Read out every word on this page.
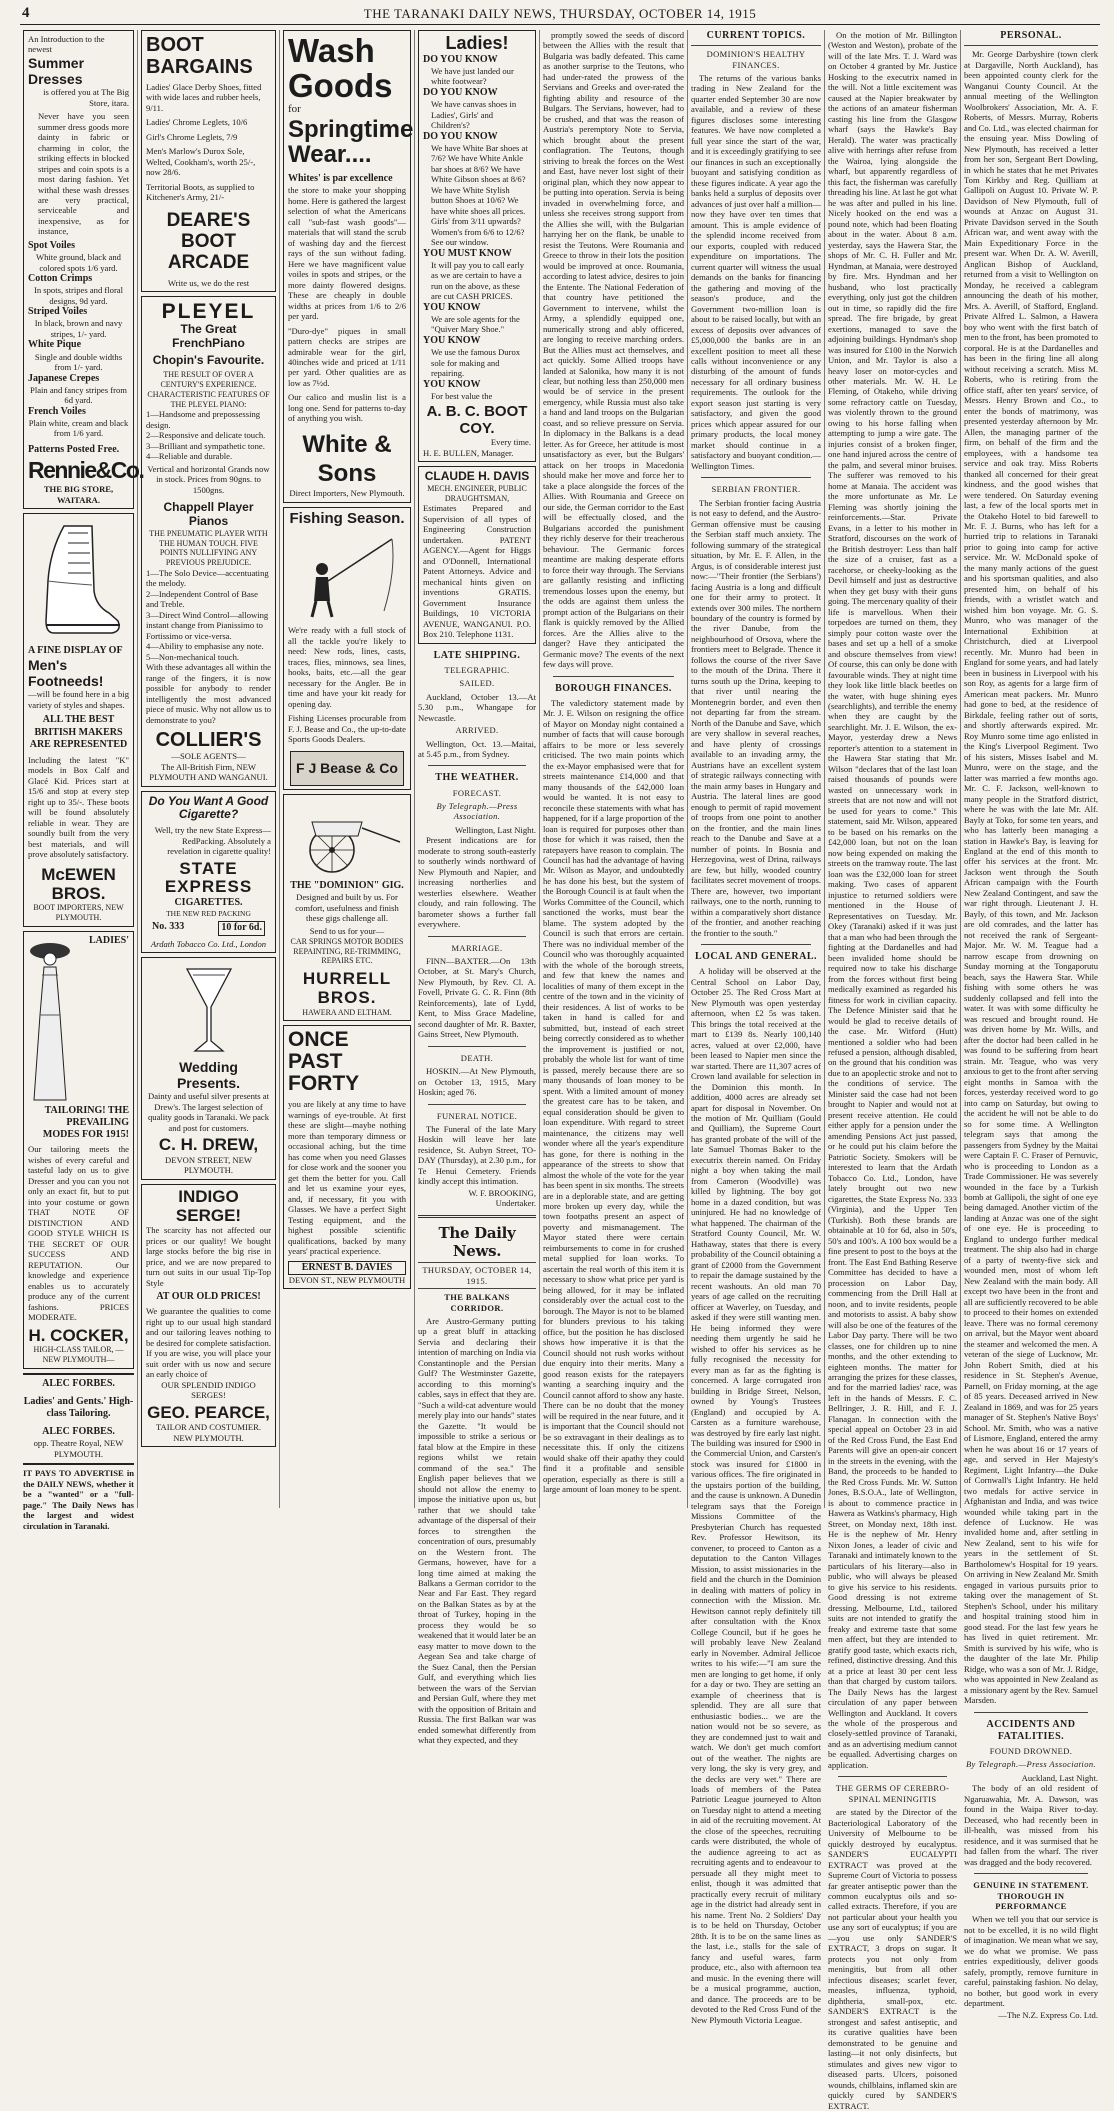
4	THE TARANAKI DAILY NEWS, THURSDAY, OCTOBER 14, 1915
An Introduction to the newest
Summer Dresses
is offered you at The Big Store, itara.
Never have you seen summer dress goods more dainty in fabric or charming in color, the striking effects in blocked stripes and coin spots is a most daring fashion. Yet withal these wash dresses are very practical, serviceable and inexpensive, as for instance,
Spot Voiles
White ground, black and colored spots 1/6 yard.
Cotton Crimps
In spots, stripes and floral designs, 9d yard.
Striped Voiles
In black, brown and navy stripes, 1/- yard.
White Pique
Single and double widths from 1/- yard.
Japanese Crepes
Plain and fancy stripes from 6d yard.
French Voiles
Plain white, cream and black from 1/6 yard.
Patterns Posted Free.
Rennie&Co.
THE BIG STORE,
WAITARA.
A FINE DISPLAY OF
Men's Footneeds!
—will be found here in a big variety of styles and shapes.
ALL THE BEST BRITISH MAKERS ARE REPRESENTED
Including the latest "K" models in Box Calf and Glacé Kid. Prices start at 15/6 and stop at every step right up to 35/-. These boots will be found absolutely reliable in wear. They are soundly built from the very best materials, and will prove absolutely satisfactory.
McEWEN BROS.
BOOT IMPORTERS, NEW PLYMOUTH.
LADIES' TAILORING! THE PREVAILING MODES FOR 1915!
Our tailoring meets the wishes of every careful and tasteful lady on us to give Dresser and you can you not only an exact fit, but to put into your costume or gown THAT NOTE OF DISTINCTION AND GOOD STYLE WHICH IS THE SECRET OF OUR SUCCESS AND REPUTATION. Our knowledge and experience enables us to accurately produce any of the current fashions. PRICES MODERATE.
H. COCKER,
HIGH-CLASS TAILOR, —NEW PLYMOUTH—
ALEC FORBES.
Ladies' and Gents.' High-class Tailoring.
ALEC FORBES.
opp. Theatre Royal, NEW PLYMOUTH.
IT PAYS TO ADVERTISE in the DAILY NEWS, whether it be a "wanted" or a "full-page." The Daily News has the largest and widest circulation in Taranaki.
BOOT BARGAINS
Ladies' Glace Derby Shoes, fitted with wide laces and rubber heels, 9/11.
Ladies' Chrome Leglets, 10/6
Girl's Chrome Leglets, 7/9
Men's Marlow's Durox Sole, Welted, Cookham's, worth 25/-, now 28/6.
Territorial Boots, as supplied to Kitchener's Army, 21/-
DEARE'S BOOT ARCADE
Write us, we do the rest
PLEYEL
The Great FrenchPiano
Chopin's Favourite.
THE RESULT OF OVER A CENTURY'S EXPERIENCE. CHARACTERISTIC FEATURES OF THE PLEYEL PIANO:
1—Handsome and prepossessing design.
2—Responsive and delicate touch.
3—Brilliant and sympathetic tone.
4—Reliable and durable.
Vertical and horizontal Grands now in stock. Prices from 90gns. to 1500gns.
Chappell Player Pianos
THE PNEUMATIC PLAYER WITH THE HUMAN TOUCH. FIVE POINTS NULLIFYING ANY PREVIOUS PREJUDICE.
1—The Solo Device—accentuating the melody.
2—Independent Control of Base and Treble.
3—Direct Wind Control—allowing instant change from Pianissimo to Fortissimo or vice-versa.
4—Ability to emphasise any note.
5—Non-mechanical touch.
With these advantages all within the range of the fingers, it is now possible for anybody to render intelligently the most advanced piece of music. Why not allow us to demonstrate to you?
COLLIER'S
—SOLE AGENTS—
The All-British Firm, NEW PLYMOUTH AND WANGANUI.
Do You Want A Good Cigarette?
Well, try the new State Express—RedPacking. Absolutely a revelation in cigarette quality!
STATE EXPRESS
CIGARETTES.
THE NEW RED PACKING
No. 333	10 for 6d.
Ardath Tobacco Co. Ltd., London
Wedding Presents.
Dainty and useful silver presents at Drew's. The largest selection of quality goods in Taranaki. We pack and post for customers.
C. H. DREW,
DEVON STREET, NEW PLYMOUTH.
INDIGO SERGE!
The scarcity has not affected our prices or our quality! We bought large stocks before the big rise in price, and we are now prepared to turn out suits in our usual Tip-Top Style
AT OUR OLD PRICES!
We guarantee the qualities to come right up to our usual high standard and our tailoring leaves nothing to be desired for complete satisfaction. If you are wise, you will place your suit order with us now and secure an early choice of
OUR SPLENDID INDIGO SERGES!
GEO. PEARCE,
TAILOR AND COSTUMIER. NEW PLYMOUTH.
Wash
Goods
for
Springtime
Wear....
Whites' is par excellence
the store to make your shopping home. Here is gathered the largest selection of what the Americans call "sub-fast wash goods"—materials that will stand the scrub of washing day and the fiercest rays of the sun without fading. Here we have magnificent value voiles in spots and stripes, or the more dainty flowered designs. These are cheaply in double widths at prices from 1/6 to 2/6 per yard.
"Duro-dye" piques in small pattern checks are stripes are admirable wear for the girl, 40inches wide and priced at 1/11 per yard. Other qualities are as low as 7½d.
Our calico and muslin list is a long one. Send for patterns to-day of anything you wish.
White & Sons
Direct Importers, New Plymouth.
Fishing Season.
We're ready with a full stock of all the tackle you're likely to need: New rods, lines, casts, traces, flies, minnows, sea lines, hooks, baits, etc.—all the gear necessary for the Angler. Be in time and have your kit ready for opening day.
Fishing Licenses procurable from F. J. Bease and Co., the up-to-date Sports Goods Dealers.
F J Bease & Co
THE "DOMINION" GIG.
Designed and built by us. For comfort, usefulness and finish these gigs challenge all.
Send to us for your—
CAR SPRINGS MOTOR BODIES REPAINTING, RE-TRIMMING, REPAIRS ETC.
HURRELL BROS.
HAWERA AND ELTHAM.
ONCE PAST FORTY
you are likely at any time to have warnings of eye-trouble. At first these are slight—maybe nothing more than temporary dimness or occasional aching, but the time has come when you need Glasses for close work and the sooner you get them the better for you. Call and let us examine your eyes, and, if necessary, fit you with Glasses. We have a perfect Sight Testing equipment, and the highest possible scientific qualifications, backed by many years' practical experience.
ERNEST B. DAVIES
DEVON ST., NEW PLYMOUTH
Ladies!
DO YOU KNOW
We have just landed our white footwear?
DO YOU KNOW
We have canvas shoes in Ladies', Girls' and Children's?
DO YOU KNOW
We have White Bar shoes at 7/6? We have White Ankle bar shoes at 8/6? We have White Gibson shoes at 8/6? We have White Stylish button Shoes at 10/6? We have white shoes all prices. Girls' from 3/11 upwards? Women's from 6/6 to 12/6? See our window.
YOU MUST KNOW
It will pay you to call early as we are certain to have a run on the above, as these are cut CASH PRICES.
YOU KNOW
We are sole agents for the "Quiver Mary Shoe."
YOU KNOW
We use the famous Durox sole for making and repairing.
YOU KNOW
For best value the
A. B. C. BOOT COY.
Every time.
H. E. BULLEN, Manager.
CLAUDE H. DAVIS
MECH. ENGINEER, PUBLIC DRAUGHTSMAN,
Estimates Prepared and Supervision of all types of Engineering Construction undertaken. PATENT AGENCY.—Agent for Higgs and O'Donnell, International Patent Attorneys. Advice and mechanical hints given on inventions GRATIS. Government Insurance Buildings, 10 VICTORIA AVENUE, WANGANUI. P.O. Box 210. Telephone 1131.
LATE SHIPPING.
TELEGRAPHIC.
SAILED.
Auckland, October 13.—At 5.30 p.m., Whangape for Newcastle.
ARRIVED.
Wellington, Oct. 13.—Maitai, at 5.45 p.m., from Sydney.
THE WEATHER.
FORECAST.
By Telegraph.—Press Association.
Wellington, Last Night.
Present indications are for moderate to strong south-easterly to southerly winds northward of New Plymouth and Napier, and increasing northerlies and westerlies elsewhere. Weather cloudy, and rain following. The barometer shows a further fall everywhere.
MARRIAGE.
FINN—BAXTER.—On 13th October, at St. Mary's Church, New Plymouth, by Rev. Cl. A. Fovell, Private G. C. R. Finn (8th Reinforcements), late of Lydd, Kent, to Miss Grace Madeline, second daughter of Mr. R. Baxter, Gains Street, New Plymouth.
DEATH.
HOSKIN.—At New Plymouth, on October 13, 1915, Mary Hoskin; aged 76.
FUNERAL NOTICE.
The Funeral of the late Mary Hoskin will leave her late residence, St. Aubyn Street, TO-DAY (Thursday), at 2.30 p.m., for Te Henui Cemetery. Friends kindly accept this intimation.
W. F. BROOKING,
Undertaker.
The Daily News.
THURSDAY, OCTOBER 14, 1915.
THE BALKANS CORRIDOR.
Are Austro-Germany putting up a great bluff in attacking Servia and declaring their intention of marching on India via Constantinople and the Persian Gulf? The Westminster Gazette, according to this morning's cables, says in effect that they are. "Such a wild-cat adventure would merely play into our hands" states the Gazette. "It would be impossible to strike a serious or fatal blow at the Empire in these regions whilst we retain command of the sea." The English paper believes that we should not allow the enemy to impose the initiative upon us, but rather that we should take advantage of the dispersal of their forces to strengthen the concentration of ours, presumably on the Western front. The Germans, however, have for a long time aimed at making the Balkans a German corridor to the Near and Far East. They regard on the Balkan States as by at the throat of Turkey, hoping in the process they would be so weakened that it would later be an easy matter to move down to the Aegean Sea and take charge of the Suez Canal, then the Persian Gulf, and everything which lies between the wars of the Servian and Persian Gulf, where they met with the opposition of Britain and Russia. The first Balkan war was ended somewhat differently from what they expected, and they
promptly sowed the seeds of discord between the Allies with the result that Bulgaria was badly defeated. This came as another surprise to the Teutons, who had under-rated the prowess of the Servians and Greeks and over-rated the fighting ability and resource of the Bulgars. The Servians, however, had to be crushed, and that was the reason of Austria's peremptory Note to Servia, which brought about the present conflagration. The Teutons, though striving to break the forces on the West and East, have never lost sight of their original plan, which they now appear to be putting into operation. Servia is being invaded in overwhelming force, and unless she receives strong support from the Allies she will, with the Bulgarian harrying her on the flank, be unable to resist the Teutons. Were Roumania and Greece to throw in their lots the position would be improved at once. Roumania, according to latest advice, desires to join the Entente. The National Federation of that country have petitioned the Government to intervene, whilst the Army, a splendidly equipped one, numerically strong and ably officered, are longing to receive marching orders. But the Allies must act themselves, and act quickly. Some Allied troops have landed at Salonika, how many it is not clear, but nothing less than 250,000 men would be of service in the present emergency, while Russia must also take a hand and land troops on the Bulgarian coast, and so relieve pressure on Servia. In diplomacy in the Balkans is a dead letter. As for Greece, her attitude is most unsatisfactory as ever, but the Bulgars' attack on her troops in Macedonia should make her move and force her to take a place alongside the forces of the Allies. With Roumania and Greece on our side, the German corridor to the East will be effectually closed, and the Bulgarians accorded the punishment they richly deserve for their treacherous behaviour. The Germanic forces meantime are making desperate efforts to force their way through. The Servians are gallantly resisting and inflicting tremendous losses upon the enemy, but the odds are against them unless the prompt action of the Bulgarians on their flank is quickly removed by the Allied forces. Are the Allies alive to the danger? Have they anticipated the Germanic move? The events of the next few days will prove.
BOROUGH FINANCES.
The valedictory statement made by Mr. J. E. Wilson on resigning the office of Mayor on Monday night contained a number of facts that will cause borough affairs to be more or less severely criticised. The two main points which the ex-Mayor emphasised were that for streets maintenance £14,000 and that many thousands of the £42,000 loan would be wanted. It is not easy to reconcile these statements with what has happened, for if a large proportion of the loan is required for purposes other than those for which it was raised, then the ratepayers have reason to complain. The Council has had the advantage of having Mr. Wilson as Mayor, and undoubtedly he has done his best, but the system of the Borough Council is at fault when the Works Committee of the Council, which sanctioned the works, must bear the blame. The system adopted by the Council is such that errors are certain. There was no individual member of the Council who was thoroughly acquainted with the whole of the borough streets, and few that knew the names and localities of many of them except in the centre of the town and in the vicinity of their residences. A list of works to be taken in hand is called for and submitted, but, instead of each street being correctly considered as to whether the improvement is justified or not, probably the whole list for want of time is passed, merely because there are so many thousands of loan money to be spent. With a limited amount of money the greatest care has to be taken, and equal consideration should be given to loan expenditure. With regard to street maintenance, the citizens may well wonder where all the year's expenditure has gone, for there is nothing in the appearance of the streets to show that almost the whole of the vote for the year has been spent in six months. The streets are in a deplorable state, and are getting more broken up every day, while the town footpaths present an aspect of poverty and mismanagement. The Mayor stated there were certain reimbursements to come in for crushed metal supplied for loan works. To ascertain the real worth of this item it is necessary to show what price per yard is being allowed, for it may be inflated considerably over the actual cost to the borough. The Mayor is not to be blamed for blunders previous to his taking office, but the position he has disclosed shows how imperative it is that the Council should not rush works without due enquiry into their merits. Many a good reason exists for the ratepayers wanting a searching inquiry and the Council cannot afford to show any haste. There can be no doubt that the money will be required in the near future, and it is important that the Council should not be so extravagant in their dealings as to necessitate this. If only the citizens would shake off their apathy they could find it a profitable and sensible operation, especially as there is still a large amount of loan money to be spent.
CURRENT TOPICS.
DOMINION'S HEALTHY FINANCES.
The returns of the various banks trading in New Zealand for the quarter ended September 30 are now available, and a review of these figures discloses some interesting features. We have now completed a full year since the start of the war, and it is exceedingly gratifying to see our finances in such an exceptionally buoyant and satisfying condition as these figures indicate. A year ago the banks held a surplus of deposits over advances of just over half a million—now they have over ten times that amount. This is ample evidence of the splendid income received from our exports, coupled with reduced expenditure on importations. The current quarter will witness the usual demands on the banks for financing the gathering and moving of the season's produce, and the Government two-million loan is about to be raised locally, but with an excess of deposits over advances of £5,000,000 the banks are in an excellent position to meet all these calls without inconvenience or any disturbing of the amount of funds necessary for all ordinary business requirements. The outlook for the export season just starting is very satisfactory, and given the good prices which appear assured for our primary products, the local money market should continue in a satisfactory and buoyant condition.—Wellington Times.
SERBIAN FRONTIER.
The Serbian frontier facing Austria is not easy to defend, and the Austro-German offensive must be causing the Serbian staff much anxiety. The following summary of the strategical situation, by Mr. E. F. Allen, in the Argus, is of considerable interest just now:—"Their frontier (the Serbians') facing Austria is a long and difficult one for their army to protect. It extends over 300 miles. The northern boundary of the country is formed by the river Danube, from the neighbourhood of Orsova, where the frontiers meet to Belgrade. Thence it follows the course of the river Save to the mouth of the Drina. There it turns south up the Drina, keeping to that river until nearing the Montenegrin border, and even then not departing far from the stream. North of the Danube and Save, which are very shallow in several reaches, and have plenty of crossings available to an invading army, the Austrians have an excellent system of strategic railways connecting with the main army bases in Hungary and Austria. The lateral lines are good enough to permit of rapid movement of troops from one point to another on the frontier, and the main lines reach to the Danube and Save at a number of points. In Bosnia and Herzegovina, west of Drina, railways are few, but hilly, wooded country facilitates secret movement of troops. There are, however, two important railways, one to the north, running to within a comparatively short distance of the frontier, and another reaching the frontier to the south."
LOCAL AND GENERAL.
A holiday will be observed at the Central School on Labor Day, October 25. The Red Cross Mart at New Plymouth was open yesterday afternoon, when £2 5s was taken. This brings the total received at the mart to £139 8s. Nearly 100,140 acres, valued at over £2,000, have been leased to Napier men since the war started. There are 11,307 acres of Crown land available for selection in the Dominion this month. In addition, 4000 acres are already set apart for disposal in November. On the motion of Mr. Quilliam (Gould and Quilliam), the Supreme Court has granted probate of the will of the late Samuel Thomas Baker to the executrix therein named. On Friday night a boy when taking the mail from Cameron (Woodville) was killed by lightning. The boy got home in a dazed condition, but was uninjured. He had no knowledge of what happened. The chairman of the Stratford County Council, Mr. W. Hathaway, states that there is every probability of the Council obtaining a grant of £2000 from the Government to repair the damage sustained by the recent washouts. An old man 70 years of age called on the recruiting officer at Waverley, on Tuesday, and asked if they were still wanting men. He being informed they were needing them urgently he said he wished to offer his services as he fully recognised the necessity for every man as far as the fighting is concerned. A large corrugated iron building in Bridge Street, Nelson, owned by Young's Trustees (England) and occupied by A. Carsten as a furniture warehouse, was destroyed by fire early last night. The building was insured for £900 in the Commercial Union, and Carsten's stock was insured for £1800 in various offices. The fire originated in the upstairs portion of the building, and the cause is unknown. A Dunedin telegram says that the Foreign Missions Committee of the Presbyterian Church has requested Rev. Professor Hewitson, its convener, to proceed to Canton as a deputation to the Canton Villages Mission, to assist missionaries in the field and the church in the Dominion in dealing with matters of policy in connection with the Mission. Mr. Hewitson cannot reply definitely till after consultation with the Knox College Council, but if he goes he will probably leave New Zealand early in November. Admiral Jellicoe writes to his wife:—"I am sure the men are longing to get home, if only for a day or two. They are setting an example of cheeriness that is splendid. They are all sure that enthusiastic bodies... we are the nation would not be so severe, as they are condemned just to wait and watch. We don't get much comfort out of the weather. The nights are very long, the sky is very grey, and the decks are very wet." There are loads of members of the Patea Patriotic League journeyed to Alton on Tuesday night to attend a meeting in aid of the recruiting movement. At the close of the speeches, recruiting cards were distributed, the whole of the audience agreeing to act as recruiting agents and to endeavour to persuade all they might meet to enlist, though it was admitted that practically every recruit of military age in the district had already sent in his name. Trent No. 2 Soldiers' Day is to be held on Thursday, October 28th. It is to be on the same lines as the last, i.e., stalls for the sale of fancy and useful wares, farm produce, etc., also with afternoon tea and music. In the evening there will be a musical programme, auction, and dance. The proceeds are to be devoted to the Red Cross Fund of the New Plymouth Victoria League.
On the motion of Mr. Billington (Weston and Weston), probate of the will of the late Mrs. T. J. Ward was on October 4 granted by Mr. Justice Hosking to the executrix named in the will. Not a little excitement was caused at the Napier breakwater by the actions of an amateur fisherman casting his line from the Glasgow wharf (says the Hawke's Bay Herald). The water was practically alive with herrings after refuse from the Wairoa, lying alongside the wharf, but apparently regardless of this fact, the fisherman was carefully threading his line. At last he got what he was after and pulled in his line. Nicely hooked on the end was a pound note, which had been floating about in the water. About 8 a.m. yesterday, says the Hawera Star, the shops of Mr. C. H. Fuller and Mr. Hyndman, at Manaia, were destroyed by fire. Mrs. Hyndman and her husband, who lost practically everything, only just got the children out in time, so rapidly did the fire spread. The fire brigade, by great exertions, managed to save the adjoining buildings. Hyndman's shop was insured for £100 in the Norwich Union, and Mr. Taylor is also a heavy loser on motor-cycles and other materials. Mr. W. H. Le Fleming, of Otakeho, while driving some refractory cattle on Tuesday, was violently thrown to the ground owing to his horse falling when attempting to jump a wire gate. The injuries consist of a broken finger, one hand injured across the centre of the palm, and several minor bruises. The sufferer was removed to his home at Manaia. The accident was the more unfortunate as Mr. Le Fleming was shortly joining the reinforcements.—Star. Private Evans, in a letter to his mother in Stratford, discourses on the work of the British destroyer: Less than half the size of a cruiser, fast as a racehorse, or cheeky-looking as the Devil himself and just as destructive when they get busy with their guns going. The mercenary quality of their life is marvellous. When their torpedoes are turned on them, they simply pour cotton waste over the bases and set up a hell of a smoke and obscure themselves from view! Of course, this can only be done with favourable winds. They at night time they look like little black beetles on the water, with huge shining eyes (searchlights), and terrible the enemy when they are caught by the searchlight. Mr. J. E. Wilson, the ex-Mayor, yesterday drew a News reporter's attention to a statement in the Hawera Star stating that Mr. Wilson "declares that of the last loan raised thousands of pounds were wasted on unnecessary work in streets that are not now and will not be used for years to come." This statement, said Mr. Wilson, appeared to be based on his remarks on the £42,000 loan, but not on the loan now being expended on making the streets on the tramway route. The last loan was the £32,000 loan for street making. Two cases of apparent injustice to returned soldiers were mentioned in the House of Representatives on Tuesday. Mr. Okey (Taranaki) asked if it was just that a man who had been through the fighting at the Dardanelles and had been invalided home should be required now to take his discharge from the forces without first being medically examined as regarded his fitness for work in civilian capacity. The Defence Minister said that he would be glad to receive details of the case. Mr. Witford (Hutt) mentioned a soldier who had been refused a pension, although disabled, on the ground that his condition was due to an apoplectic stroke and not to the conditions of service. The Minister said the case had not been brought to Napier and would not at present receive attention. He could either apply for a pension under the amending Pensions Act just passed, or he could put his claim before the Patriotic Society. Smokers will be interested to learn that the Ardath Tobacco Co. Ltd., London, have lately brought out two new cigarettes, the State Express No. 333 (Virginia), and the Upper Ten (Turkish). Both these brands are obtainable at 10 for 6d, also in 50's, 50's and 100's. A 100 box would be a fine present to post to the boys at the front. The East End Bathing Reserve Committee has decided to have a procession on Labor Day, commencing from the Drill Hall at noon, and to invite residents, people and motorists to assist. A baby show will also be one of the features of the Labor Day party. There will be two classes, one for children up to nine months, and the other extending to eighteen months. The matter for arranging the prizes for these classes, and for the married ladies' race, was left in the hands of Messrs. F. C. Bellringer, J. R. Hill, and F. J. Flanagan. In connection with the special appeal on October 23 in aid of the Red Cross Fund, the East End Parents will give an open-air concert in the streets in the evening, with the Band, the proceeds to be handed to the Red Cross Funds. Mr. W. Sutton Jones, B.S.O.A., late of Wellington, is about to commence practice in Hawera as Watkins's pharmacy, High Street, on Monday next, 18th inst. He is the nephew of Mr. Henry Nixon Jones, a leader of civic and Taranaki and intimately known to the particulars of his literary—also in public, who will always be pleased to give his service to his residents. Good dressing is not extreme dressing. Melbourne, Ltd., tailored suits are not intended to gratify the freaky and extreme taste that some men affect, but they are intended to gratify good taste, which exacts rich, refined, distinctive dressing. And this at a price at least 30 per cent less than that charged by custom tailors. The Daily News has the largest circulation of any paper between Wellington and Auckland. It covers the whole of the prosperous and closely-settled province of Taranaki, and as an advertising medium cannot be equalled. Advertising charges on application.
THE GERMS OF CEREBRO-SPINAL MENINGITIS
are stated by the Director of the Bacteriological Laboratory of the University of Melbourne to be quickly destroyed by eucalyptus. SANDER'S EUCALYPTI EXTRACT was proved at the Supreme Court of Victoria to possess far greater antiseptic power than the common eucalyptus oils and so-called extracts. Therefore, if you are not particular about your health you use any sort of eucalyptus; if you are—you use only SANDER'S EXTRACT, 3 drops on sugar. It protects you not only from meningitis, but from all other infectious diseases; scarlet fever, measles, influenza, typhoid, diphtheria, small-pox, etc. SANDER'S EXTRACT is the strongest and safest antiseptic, and its curative qualities have been demonstrated to be genuine and lasting—it not only disinfects, but stimulates and gives new vigor to diseased parts. Ulcers, poisoned wounds, chilblains, inflamed skin are quickly cured by SANDER'S EXTRACT.
PERSONAL.
Mr. George Darbyshire (town clerk at Dargaville, North Auckland), has been appointed county clerk for the Wanganui County Council. At the annual meeting of the Wellington Woolbrokers' Association, Mr. A. F. Roberts, of Messrs. Murray, Roberts and Co. Ltd., was elected chairman for the ensuing year. Miss Dowling of New Plymouth, has received a letter from her son, Sergeant Bert Dowling, in which he states that he met Privates Tom Kirkby and Reg. Quilliam at Gallipoli on August 10. Private W. P. Davidson of New Plymouth, full of wounds at Anzac on August 31. Private Davidson served in the South African war, and went away with the Main Expeditionary Force in the present war. When Dr. A. W. Averill, Anglican Bishop of Auckland, returned from a visit to Wellington on Monday, he received a cablegram announcing the death of his mother, Mrs. A. Averill, of Stafford, England. Private Alfred L. Salmon, a Hawera boy who went with the first batch of men to the front, has been promoted to corporal. He is at the Dardanelles and has been in the firing line all along without receiving a scratch. Miss M. Roberts, who is retiring from the office staff, after ten years' service, of Messrs. Henry Brown and Co., to enter the bonds of matrimony, was presented yesterday afternoon by Mr. Allen, the managing partner of the firm, on behalf of the firm and the employees, with a handsome tea service and oak tray. Miss Roberts thanked all concerned for their great kindness, and the good wishes that were tendered. On Saturday evening last, a few of the local sports met in the Otakeho Hotel to bid farewell to Mr. F. J. Burns, who has left for a hurried trip to relations in Taranaki prior to going into camp for active service. Mr. W. McDonald spoke of the many manly actions of the guest and his sportsman qualities, and also presented him, on behalf of his friends, with a wristlet watch and wished him bon voyage. Mr. G. S. Munro, who was manager of the International Exhibition at Christchurch, died at Liverpool recently. Mr. Munro had been in England for some years, and had lately been in business in Liverpool with his son Roy, as agents for a large firm of American meat packers. Mr. Munro had gone to bed, at the residence of Birkdale, feeling rather out of sorts, and shortly afterwards expired. Mr. Roy Munro some time ago enlisted in the King's Liverpool Regiment. Two of his sisters, Misses Isabel and M. Munro, were on the stage, and the latter was married a few months ago. Mr. C. F. Jackson, well-known to many people in the Stratford district, where he was with the late Mr. Alf. Bayly at Toko, for some ten years, and who has latterly been managing a station in Hawke's Bay, is leaving for England at the end of this month to offer his services at the front. Mr. Jackson went through the South African campaign with the Fourth New Zealand Contingent, and saw the war right through. Lieutenant J. H. Bayly, of this town, and Mr. Jackson are old comrades, and the latter has not received the rank of Sergeant-Major. Mr. W. M. Teague had a narrow escape from drowning on Sunday morning at the Tongaporutu beach, says the Hawera Star. While fishing with some others he was suddenly collapsed and fell into the water. It was with some difficulty he was rescued and brought round. He was driven home by Mr. Wills, and after the doctor had been called in he was found to be suffering from heart strain. Mr. Teague, who was very anxious to get to the front after serving eight months in Samoa with the forces, yesterday received word to go into camp on Saturday, but owing to the accident he will not be able to do so for some time. A Wellington telegram says that among the passengers from Sydney by the Maitai were Captain F. C. Fraser of Pernuvic, who is proceeding to London as a Trade Commissioner. He was severely wounded in the face by a Turkish bomb at Gallipoli, the sight of one eye being damaged. Another victim of the landing at Anzac was one of the sight of one eye. He is proceeding to England to undergo further medical treatment. The ship also had in charge of a party of twenty-five sick and wounded men, most of whom left New Zealand with the main body. All except two have been in the front and all are sufficiently recovered to be able to proceed to their homes on extended leave. There was no formal ceremony on arrival, but the Mayor went aboard the steamer and welcomed the men. A veteran of the siege of Lucknow, Mr. John Robert Smith, died at his residence in St. Stephen's Avenue, Parnell, on Friday morning, at the age of 85 years. Deceased arrived in New Zealand in 1869, and was for 25 years manager of St. Stephen's Native Boys' School. Mr. Smith, who was a native of Lismore, England, entered the army when he was about 16 or 17 years of age, and served in Her Majesty's Regiment, Light Infantry—the Duke of Cornwall's Light Infantry. He held two medals for active service in Afghanistan and India, and was twice wounded while taking part in the defence of Lucknow. He was invalided home and, after settling in New Zealand, sent to his wife for years in the settlement of St. Bartholomew's Hospital for 19 years. On arriving in New Zealand Mr. Smith engaged in various pursuits prior to taking over the management of St. Stephen's School, under his military and hospital training stood him in good stead. For the last few years he has lived in quiet retirement. Mr. Smith is survived by his wife, who is the daughter of the late Mr. Philip Ridge, who was a son of Mr. J. Ridge, who was appointed in New Zealand as a missionary agent by the Rev. Samuel Marsden.
ACCIDENTS AND FATALITIES.
FOUND DROWNED.
By Telegraph.—Press Association.
Auckland, Last Night.
The body of an old resident of Ngaruawahia, Mr. A. Dawson, was found in the Waipa River to-day. Deceased, who had recently been in ill-health, was missed from his residence, and it was surmised that he had fallen from the wharf. The river was dragged and the body recovered.
GENUINE IN STATEMENT. THOROUGH IN PERFORMANCE
When we tell you that our service is not to be excelled, it is no wild flight of imagination. We mean what we say, we do what we promise. We pass entries expeditiously, deliver goods safely, promptly, remove furniture in careful, painstaking fashion. No delay, no bother, but good work in every department.
—The N.Z. Express Co. Ltd.
